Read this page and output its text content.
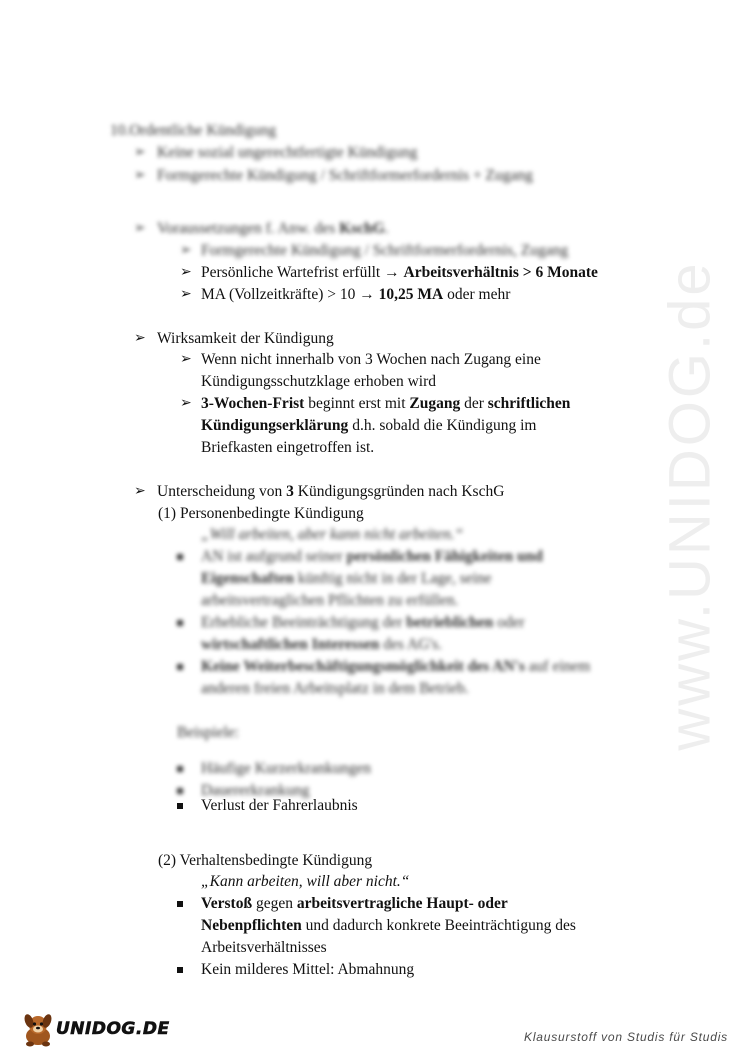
www.UNIDOG.de
10.Ordentliche Kündigung
➢ Keine sozial ungerechtfertigte Kündigung
➢ Formgerechte Kündigung / Schriftformerfordernis + Zugang
➢ Voraussetzungen f. Anw. des KschG.
➢ Formgerechte Kündigung / Schriftformerfordernis, Zugang
➢ Persönliche Wartefrist erfüllt → Arbeitsverhältnis > 6 Monate
➢ MA (Vollzeitkräfte) > 10 → 10,25 MA oder mehr
➢ Wirksamkeit der Kündigung
➢ Wenn nicht innerhalb von 3 Wochen nach Zugang eine
Kündigungsschutzklage erhoben wird
➢ 3-Wochen-Frist beginnt erst mit Zugang der schriftlichen
Kündigungserklärung d.h. sobald die Kündigung im
Briefkasten eingetroffen ist.
➢ Unterscheidung von 3 Kündigungsgründen nach KschG
(1) Personenbedingte Kündigung
„Will arbeiten, aber kann nicht arbeiten.“
AN ist aufgrund seiner persönlichen Fähigkeiten und
Eigenschaften künftig nicht in der Lage, seine
arbeitsvertraglichen Pflichten zu erfüllen.
Erhebliche Beeinträchtigung der betrieblichen oder
wirtschaftlichen Interessen des AG's.
Keine Weiterbeschäftigungsmöglichkeit des AN's auf einem
anderen freien Arbeitsplatz in dem Betrieb.
Beispiele:
Häufige Kurzerkrankungen
Dauererkrankung
Verlust der Fahrerlaubnis
(2) Verhaltensbedingte Kündigung
„Kann arbeiten, will aber nicht.“
Verstoß gegen arbeitsvertragliche Haupt- oder
Nebenpflichten und dadurch konkrete Beeinträchtigung des
Arbeitsverhältnisses
Kein milderes Mittel: Abmahnung
UNIDOG.DE	Klausurstoff von Studis für Studis
